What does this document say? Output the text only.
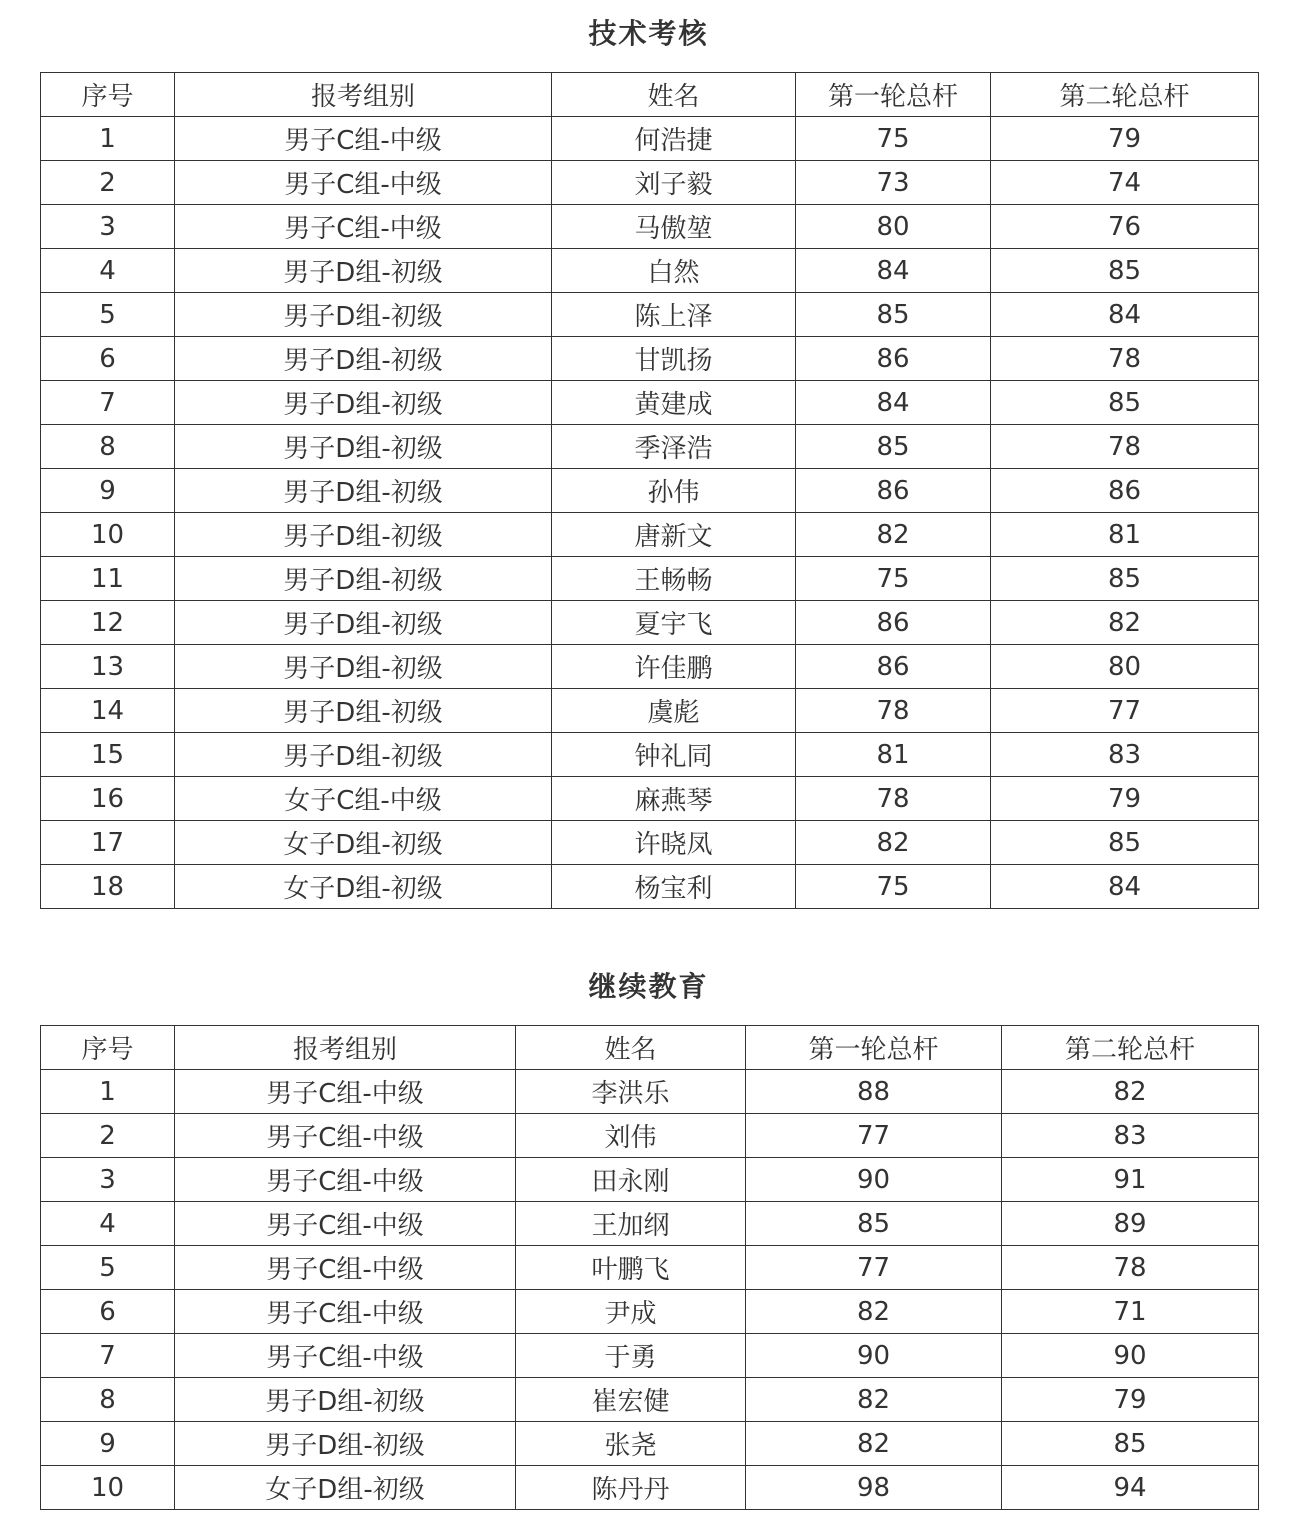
技术考核
序号	报考组别	姓名	第一轮总杆	第二轮总杆
1	男子C组-中级	何浩捷	75	79
2	男子C组-中级	刘子毅	73	74
3	男子C组-中级	马傲堃	80	76
4	男子D组-初级	白然	84	85
5	男子D组-初级	陈上泽	85	84
6	男子D组-初级	甘凯扬	86	78
7	男子D组-初级	黄建成	84	85
8	男子D组-初级	季泽浩	85	78
9	男子D组-初级	孙伟	86	86
10	男子D组-初级	唐新文	82	81
11	男子D组-初级	王畅畅	75	85
12	男子D组-初级	夏宇飞	86	82
13	男子D组-初级	许佳鹏	86	80
14	男子D组-初级	虞彪	78	77
15	男子D组-初级	钟礼同	81	83
16	女子C组-中级	麻燕琴	78	79
17	女子D组-初级	许晓凤	82	85
18	女子D组-初级	杨宝利	75	84
继续教育
序号	报考组别	姓名	第一轮总杆	第二轮总杆
1	男子C组-中级	李洪乐	88	82
2	男子C组-中级	刘伟	77	83
3	男子C组-中级	田永刚	90	91
4	男子C组-中级	王加纲	85	89
5	男子C组-中级	叶鹏飞	77	78
6	男子C组-中级	尹成	82	71
7	男子C组-中级	于勇	90	90
8	男子D组-初级	崔宏健	82	79
9	男子D组-初级	张尧	82	85
10	女子D组-初级	陈丹丹	98	94
